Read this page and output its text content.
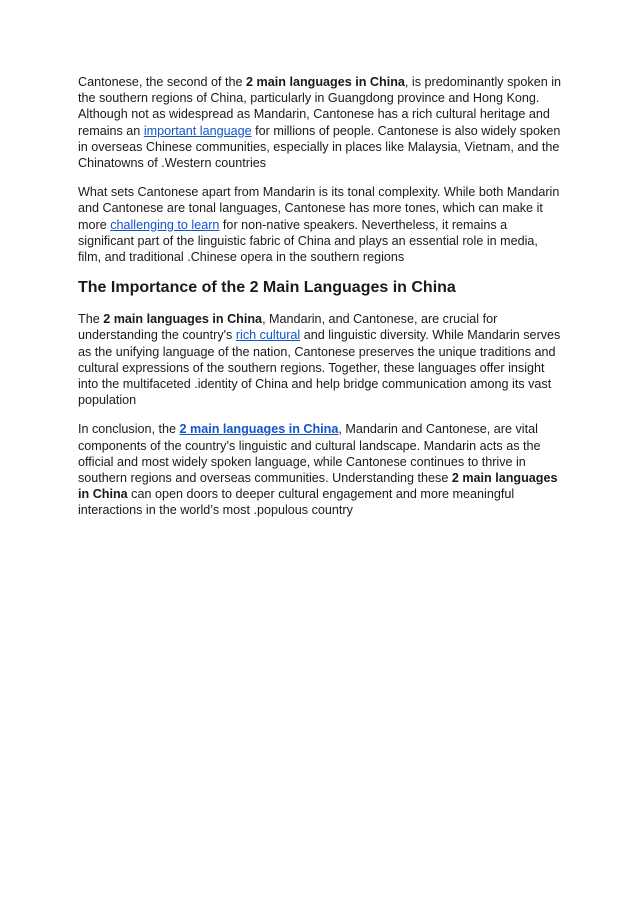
Cantonese, the second of the 2 main languages in China, is predominantly spoken in the southern regions of China, particularly in Guangdong province and Hong Kong. Although not as widespread as Mandarin, Cantonese has a rich cultural heritage and remains an important language for millions of people. Cantonese is also widely spoken in overseas Chinese communities, especially in places like Malaysia, Vietnam, and the Chinatowns of .Western countries

What sets Cantonese apart from Mandarin is its tonal complexity. While both Mandarin and Cantonese are tonal languages, Cantonese has more tones, which can make it more challenging to learn for non-native speakers. Nevertheless, it remains a significant part of the linguistic fabric of China and plays an essential role in media, film, and traditional .Chinese opera in the southern regions

The Importance of the 2 Main Languages in China

The 2 main languages in China, Mandarin, and Cantonese, are crucial for understanding the country's rich cultural and linguistic diversity. While Mandarin serves as the unifying language of the nation, Cantonese preserves the unique traditions and cultural expressions of the southern regions. Together, these languages offer insight into the multifaceted .identity of China and help bridge communication among its vast population

In conclusion, the 2 main languages in China, Mandarin and Cantonese, are vital components of the country’s linguistic and cultural landscape. Mandarin acts as the official and most widely spoken language, while Cantonese continues to thrive in southern regions and overseas communities. Understanding these 2 main languages in China can open doors to deeper cultural engagement and more meaningful interactions in the world’s most .populous country
